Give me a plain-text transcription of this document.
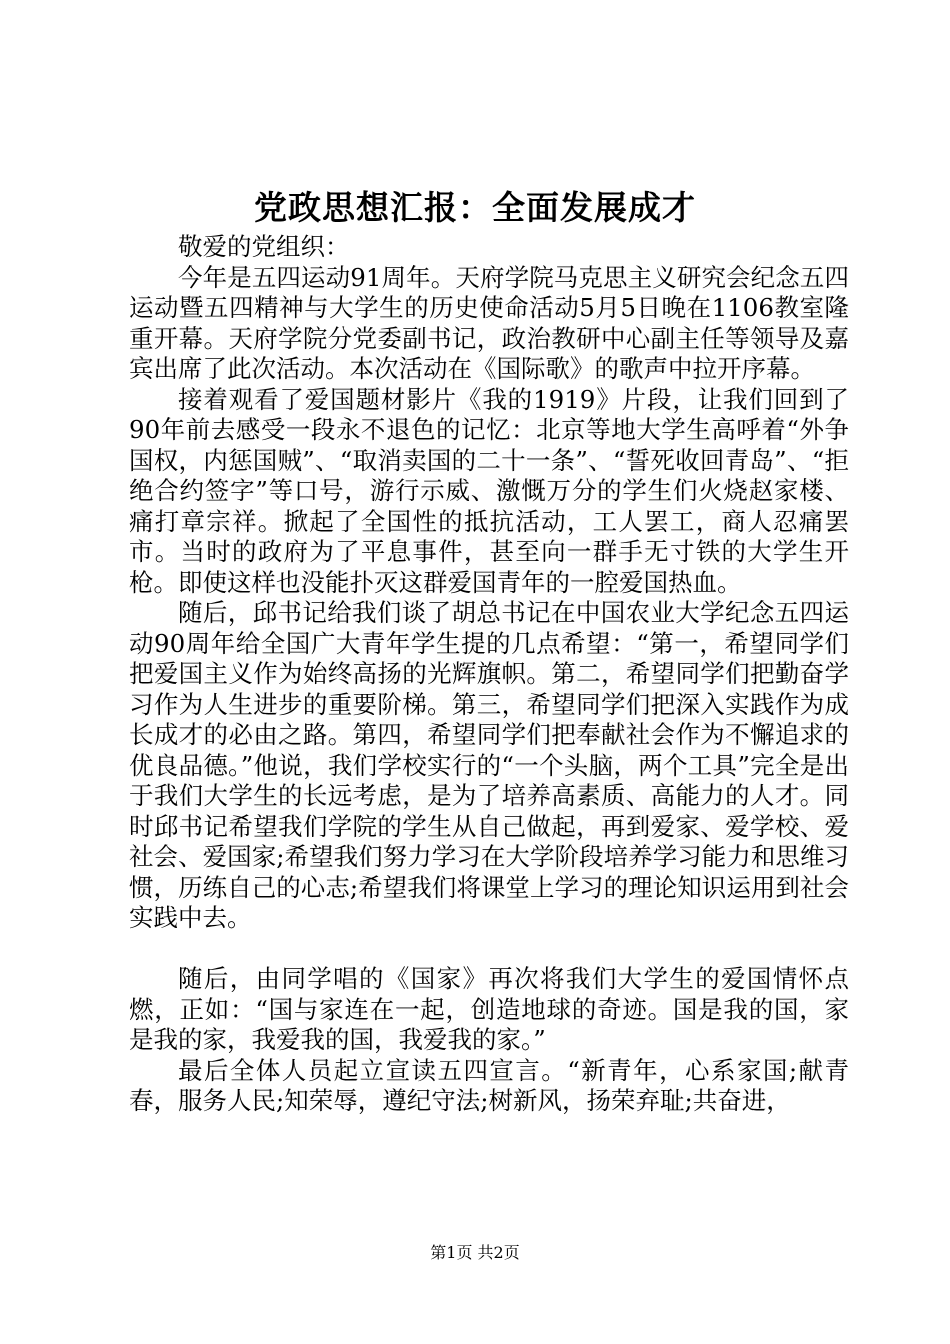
党政思想汇报：全面发展成才

敬爱的党组织：

今年是五四运动91周年。天府学院马克思主义研究会纪念五四运动暨五四精神与大学生的历史使命活动5月5日晚在1106教室隆重开幕。天府学院分党委副书记，政治教研中心副主任等领导及嘉宾出席了此次活动。本次活动在《国际歌》的歌声中拉开序幕。

接着观看了爱国题材影片《我的1919》片段，让我们回到了90年前去感受一段永不退色的记忆：北京等地大学生高呼着“外争国权，内惩国贼”、“取消卖国的二十一条”、“誓死收回青岛”、“拒绝合约签字”等口号，游行示威、激慨万分的学生们火烧赵家楼、痛打章宗祥。掀起了全国性的抵抗活动，工人罢工，商人忍痛罢市。当时的政府为了平息事件，甚至向一群手无寸铁的大学生开枪。即使这样也没能扑灭这群爱国青年的一腔爱国热血。

随后，邱书记给我们谈了胡总书记在中国农业大学纪念五四运动90周年给全国广大青年学生提的几点希望：“第一，希望同学们把爱国主义作为始终高扬的光辉旗帜。第二，希望同学们把勤奋学习作为人生进步的重要阶梯。第三，希望同学们把深入实践作为成长成才的必由之路。第四，希望同学们把奉献社会作为不懈追求的优良品德。”他说，我们学校实行的“一个头脑，两个工具”完全是出于我们大学生的长远考虑，是为了培养高素质、高能力的人才。同时邱书记希望我们学院的学生从自己做起，再到爱家、爱学校、爱社会、爱国家;希望我们努力学习在大学阶段培养学习能力和思维习惯，历练自己的心志;希望我们将课堂上学习的理论知识运用到社会实践中去。

随后，由同学唱的《国家》再次将我们大学生的爱国情怀点燃，正如：“国与家连在一起，创造地球的奇迹。国是我的国，家是我的家，我爱我的国，我爱我的家。”

最后全体人员起立宣读五四宣言。“新青年，心系家国;献青春，服务人民;知荣辱，遵纪守法;树新风，扬荣弃耻;共奋进，

第1页 共2页
